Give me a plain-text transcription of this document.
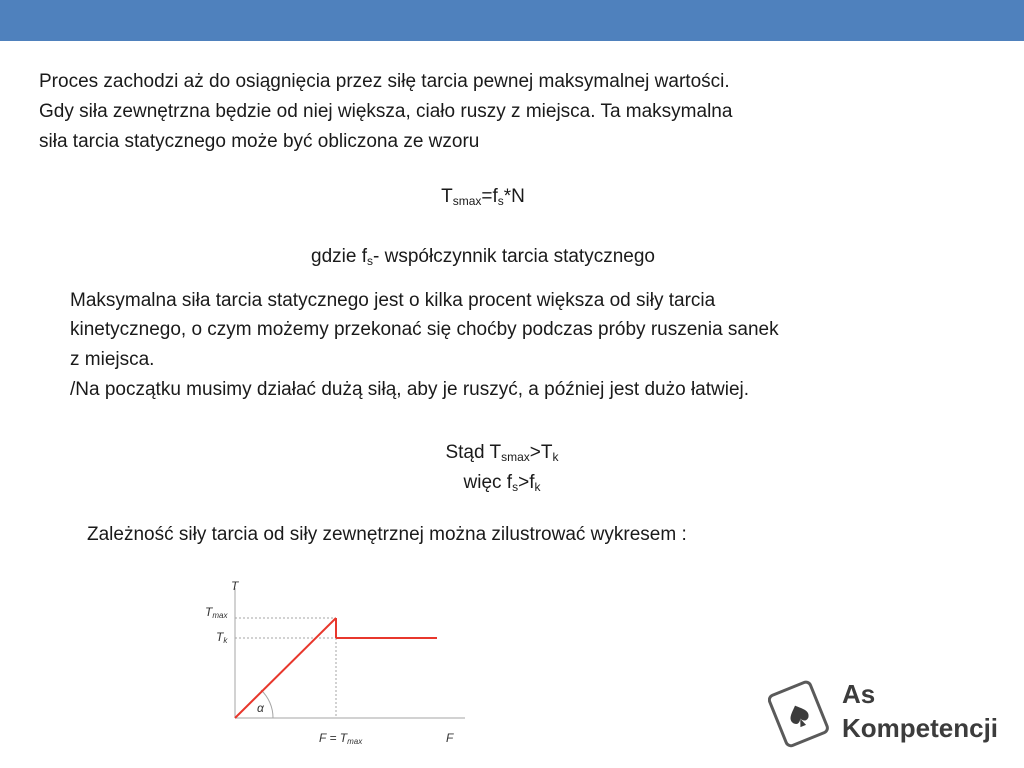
Proces zachodzi aż do osiągnięcia przez siłę tarcia pewnej maksymalnej wartości.
Gdy siła zewnętrzna będzie od niej większa, ciało ruszy z miejsca. Ta maksymalna
siła tarcia statycznego może być obliczona ze wzoru
$T_{smax}=f_s*N$
gdzie $f_s-$ współczynnik tarcia statycznego
Maksymalna siła tarcia statycznego jest o kilka procent większa od siły tarcia
kinetycznego, o czym możemy przekonać się choćby podczas próby ruszenia sanek
z miejsca.
/Na początku musimy działać dużą siłą, aby je ruszyć, a później jest dużo łatwiej.
Stąd $T_{smax}>T_k$
więc $f_s>f_k$
Zależność siły tarcia od siły zewnętrznej można zilustrować wykresem :
T
Tmax
Tk
α
F = Tmax	F
As
Kompetencji
